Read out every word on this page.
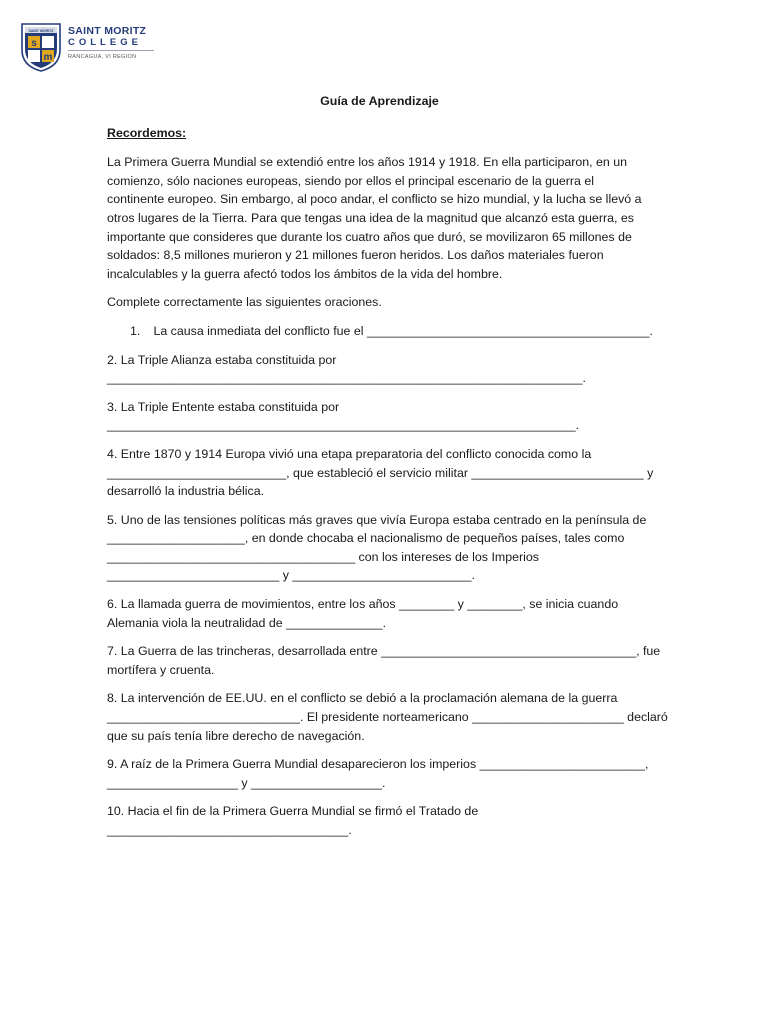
SAINT MORITZ
s
m
SAINT MORITZ
COLLEGE
RANCAGUA, VI REGION

Guía de Aprendizaje

Recordemos:

La Primera Guerra Mundial se extendió entre los años 1914 y 1918. En ella participaron, en un comienzo, sólo naciones europeas, siendo por ellos el principal escenario de la guerra el continente europeo. Sin embargo, al poco andar, el conflicto se hizo mundial, y la lucha se llevó a otros lugares de la Tierra. Para que tengas una idea de la magnitud que alcanzó esta guerra, es importante que consideres que durante los cuatro años que duró, se movilizaron 65 millones de soldados: 8,5 millones murieron y 21 millones fueron heridos. Los daños materiales fueron incalculables y la guerra afectó todos los ámbitos de la vida del hombre.

Complete correctamente las siguientes oraciones.

1. La causa inmediata del conflicto fue el _________________________________________.
2. La Triple Alianza estaba constituida por
_____________________________________________________________________.
3. La Triple Entente estaba constituida por
____________________________________________________________________.
4. Entre 1870 y 1914 Europa vivió una etapa preparatoria del conflicto conocida como la
__________________________, que estableció el servicio militar _________________________ y
desarrolló la industria bélica.
5. Uno de las tensiones políticas más graves que vivía Europa estaba centrado en la península de
____________________, en donde chocaba el nacionalismo de pequeños países, tales como
____________________________________ con los intereses de los Imperios
_________________________ y __________________________.
6. La llamada guerra de movimientos, entre los años ________ y ________, se inicia cuando
Alemania viola la neutralidad de ______________.
7. La Guerra de las trincheras, desarrollada entre _____________________________________, fue
mortífera y cruenta.
8. La intervención de EE.UU. en el conflicto se debió a la proclamación alemana de la guerra
____________________________. El presidente norteamericano ______________________ declaró
que su país tenía libre derecho de navegación.
9. A raíz de la Primera Guerra Mundial desaparecieron los imperios ________________________,
___________________ y ___________________.
10. Hacia el fin de la Primera Guerra Mundial se firmó el Tratado de
___________________________________.
